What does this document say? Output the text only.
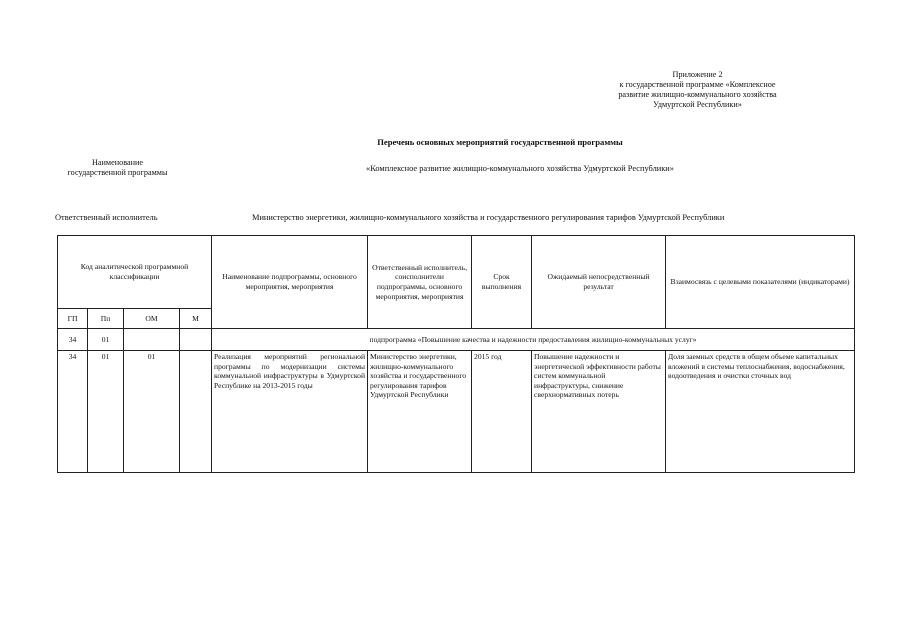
Приложение 2
к государственной программе «Комплексное
развитие жилищно-коммунального хозяйства
Удмуртской Республики»
Перечень основных мероприятий государственной программы
Наименование
государственной программы	«Комплексное развитие жилищно-коммунального хозяйства Удмуртской Республики»
Ответственный исполнитель	Министерство энергетики, жилищно-коммунального хозяйства и государственного регулирования тарифов Удмуртской Республики
Код аналитической программной классификации				Наименование подпрограммы, основного мероприятия, мероприятия	Ответственный исполнитель, соисполнители подпрограммы, основного мероприятия, мероприятия	Срок выполнения	Ожидаемый непосредственный результат	Взаимосвязь с целевыми показателями (индикаторами)
ГП	Пп	ОМ	М					
34	01			подпрограмма «Повышение качества и надежности предоставления жилищно-коммунальных услуг»				
34	01	01		Реализация мероприятий региональной программы по модернизации системы коммунальной инфраструктуры в Удмуртской Республике на 2013-2015 годы	Министерство энергетики, жилищно-коммунального хозяйства и государственного регулирования тарифов Удмуртской Республики	2015 год	Повышение надежности и энергетической эффективности работы систем коммунальной инфраструктуры, снижение сверхнормативных потерь	Доля заемных средств в общем объеме капитальных вложений в системы теплоснабжения, водоснабжения, водоотведения и очистки сточных вод
